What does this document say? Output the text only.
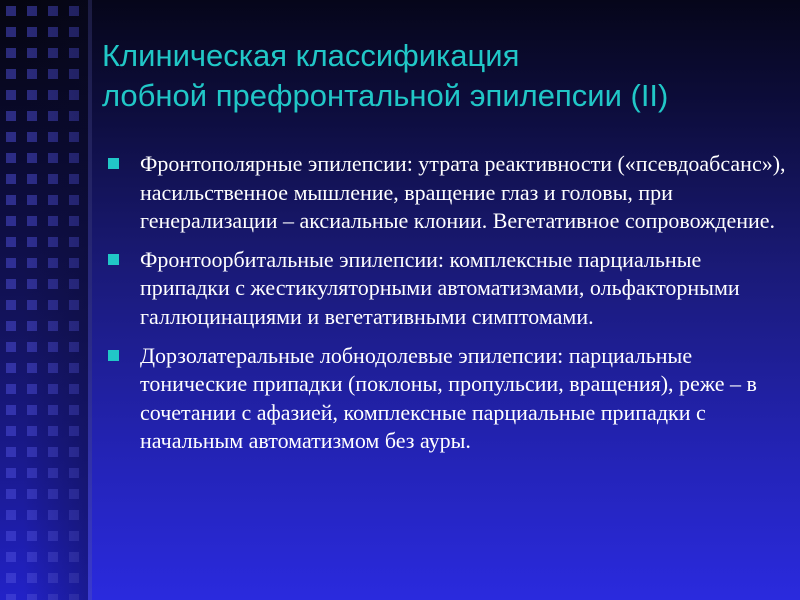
Клиническая классификация
лобной префронтальной эпилепсии (II)
Фронтополярные эпилепсии: утрата реактивности («псевдоабсанс»), насильственное мышление, вращение глаз и головы, при генерализации – аксиальные клонии. Вегетативное сопровождение.
Фронтоорбитальные эпилепсии: комплексные парциальные припадки с жестикуляторными автоматизмами, ольфакторными галлюцинациями и вегетативными симптомами.
Дорзолатеральные лобнодолевые эпилепсии: парциальные тонические припадки (поклоны, пропульсии, вращения), реже – в сочетании с афазией, комплексные парциальные припадки с начальным автоматизмом без ауры.
